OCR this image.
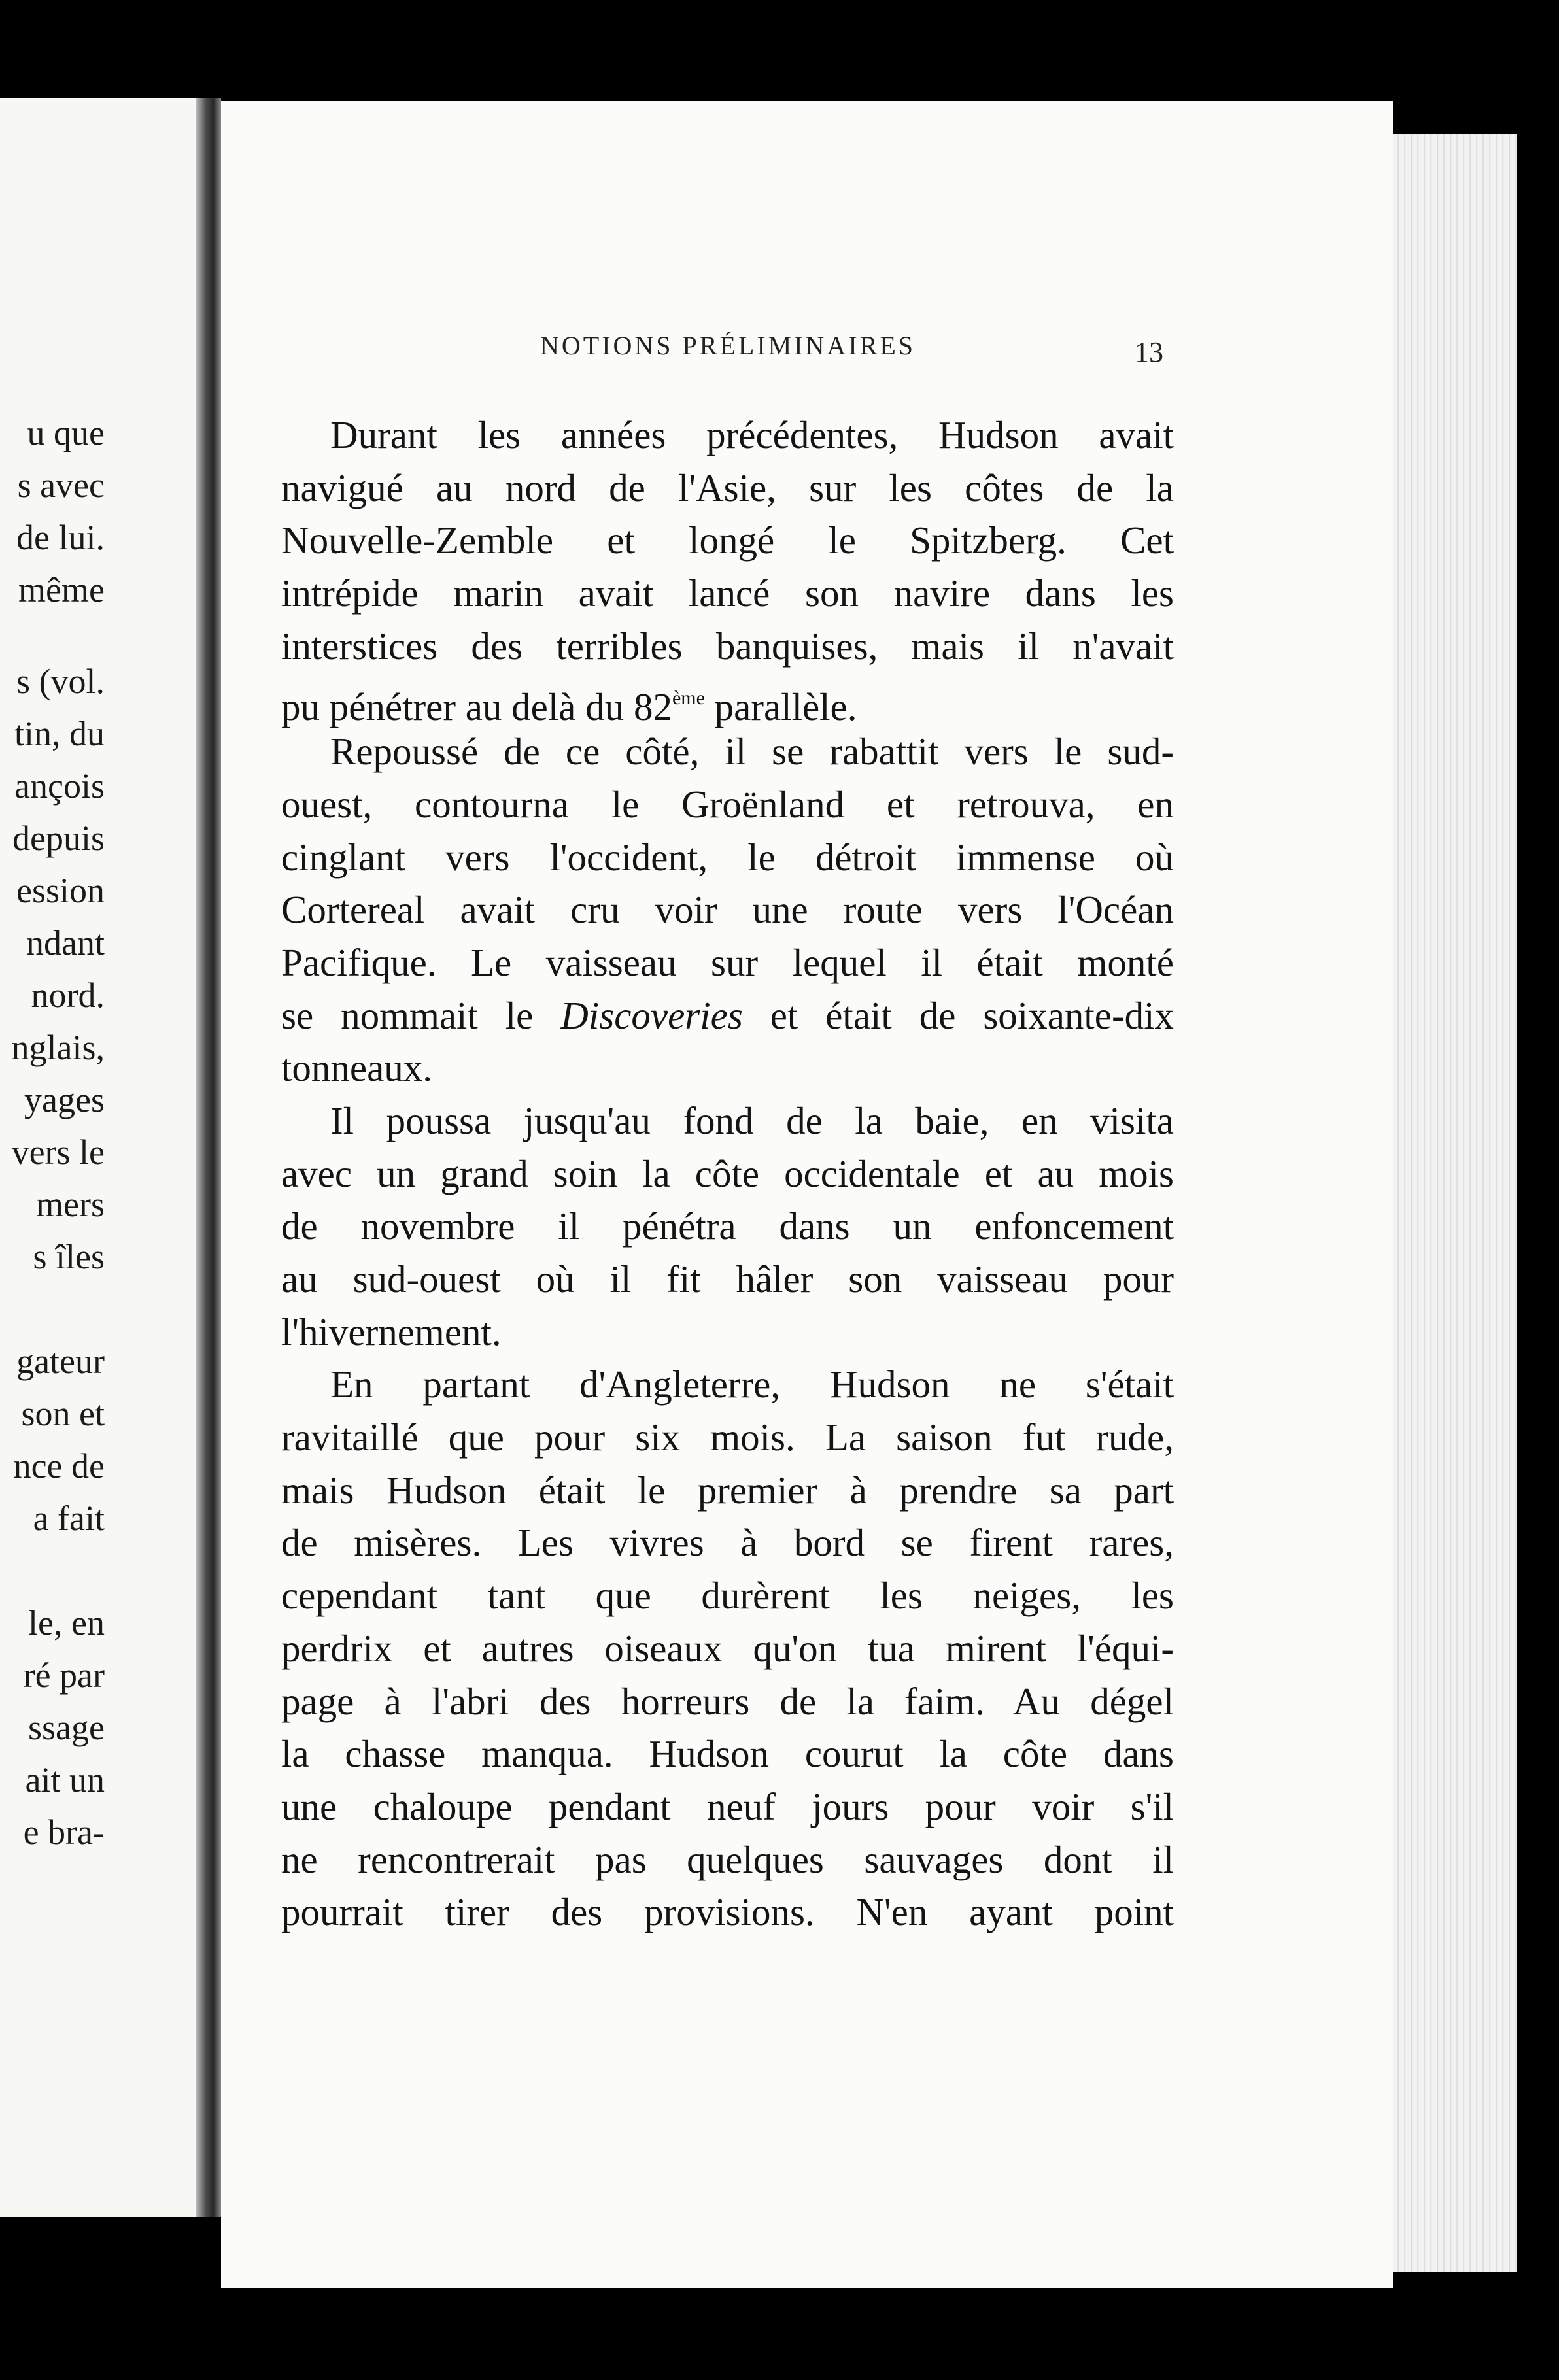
u que
s avec
de lui.
même
s (vol.
tin, du
ançois
depuis
ession
ndant
nord.
nglais,
yages
vers le
mers
s îles
gateur
son et
nce de
a fait
le, en
ré par
ssage
ait un
e bra-
NOTIONS PRÉLIMINAIRES	13
Durant les années précédentes, Hudson avait
navigué au nord de l'Asie, sur les côtes de la
Nouvelle-Zemble et longé le Spitzberg. Cet
intrépide marin avait lancé son navire dans les
interstices des terribles banquises, mais il n'avait
pu pénétrer au delà du 82ème parallèle.
Repoussé de ce côté, il se rabattit vers le sud-
ouest, contourna le Groënland et retrouva, en
cinglant vers l'occident, le détroit immense où
Cortereal avait cru voir une route vers l'Océan
Pacifique. Le vaisseau sur lequel il était monté
se nommait le Discoveries et était de soixante-dix
tonneaux.
Il poussa jusqu'au fond de la baie, en visita
avec un grand soin la côte occidentale et au mois
de novembre il pénétra dans un enfoncement
au sud-ouest où il fit hâler son vaisseau pour
l'hivernement.
En partant d'Angleterre, Hudson ne s'était
ravitaillé que pour six mois. La saison fut rude,
mais Hudson était le premier à prendre sa part
de misères. Les vivres à bord se firent rares,
cependant tant que durèrent les neiges, les
perdrix et autres oiseaux qu'on tua mirent l'équi-
page à l'abri des horreurs de la faim. Au dégel
la chasse manqua. Hudson courut la côte dans
une chaloupe pendant neuf jours pour voir s'il
ne rencontrerait pas quelques sauvages dont il
pourrait tirer des provisions. N'en ayant point
